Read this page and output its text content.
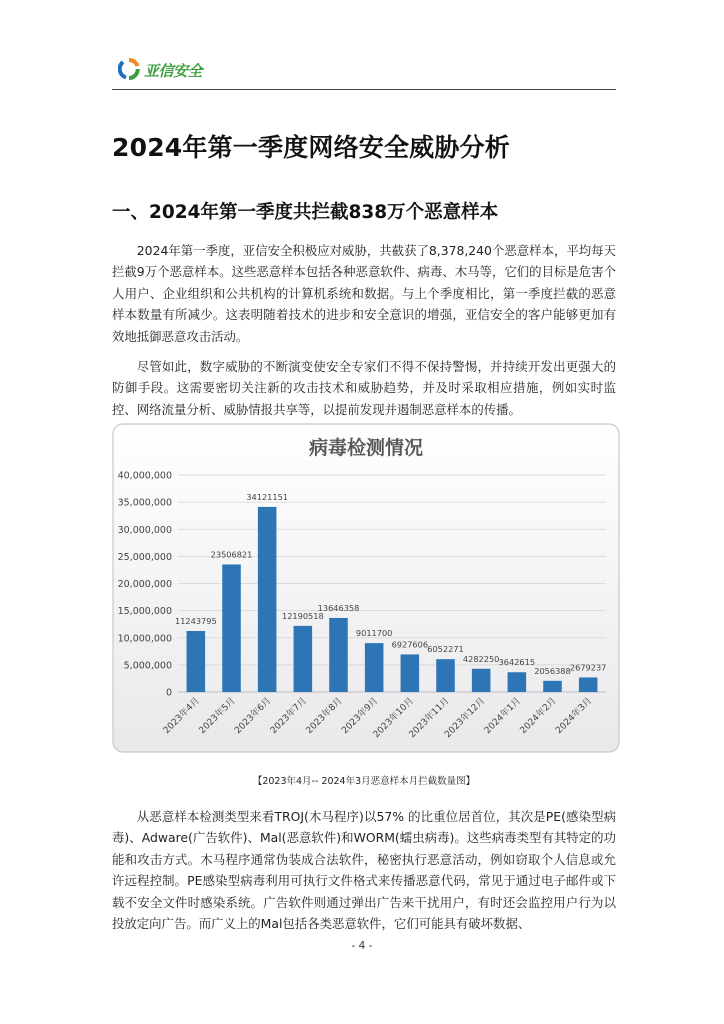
亚信安全
2024年第一季度网络安全威胁分析
一、2024年第一季度共拦截838万个恶意样本

2024年第一季度，亚信安全积极应对威胁，共截获了8,378,240个恶意样本，平均每天拦截9万个恶意样本。这些恶意样本包括各种恶意软件、病毒、木马等，它们的目标是危害个人用户、企业组织和公共机构的计算机系统和数据。与上个季度相比，第一季度拦截的恶意样本数量有所减少。这表明随着技术的进步和安全意识的增强，亚信安全的客户能够更加有效地抵御恶意攻击活动。

尽管如此，数字威胁的不断演变使安全专家们不得不保持警惕，并持续开发出更强大的防御手段。这需要密切关注新的攻击技术和威胁趋势，并及时采取相应措施，例如实时监控、网络流量分析、威胁情报共享等，以提前发现并遏制恶意样本的传播。

病毒检测情况
0
5,000,000
10,000,000
15,000,000
20,000,000
25,000,000
30,000,000
35,000,000
40,000,000
11243795
23506821
34121151
12190518
13646358
9011700
6927606 6052271
4282250 3642615
2056388 2679237
2023年4月
2023年5月
2023年6月
2023年7月
2023年8月
2023年9月
2023年10月
2023年11月
2023年12月
2024年1月
2024年2月
2024年3月

【2023年4月-- 2024年3月恶意样本月拦截数量图】

从恶意样本检测类型来看TROJ(木马程序)以57% 的比重位居首位，其次是PE(感染型病毒)、Adware(广告软件)、Mal(恶意软件)和WORM(蠕虫病毒)。这些病毒类型有其特定的功能和攻击方式。木马程序通常伪装成合法软件，秘密执行恶意活动，例如窃取个人信息或允许远程控制。PE感染型病毒利用可执行文件格式来传播恶意代码，常见于通过电子邮件或下载不安全文件时感染系统。广告软件则通过弹出广告来干扰用户，有时还会监控用户行为以投放定向广告。而广义上的Mal包括各类恶意软件，它们可能具有破坏数据、

- 4 -
